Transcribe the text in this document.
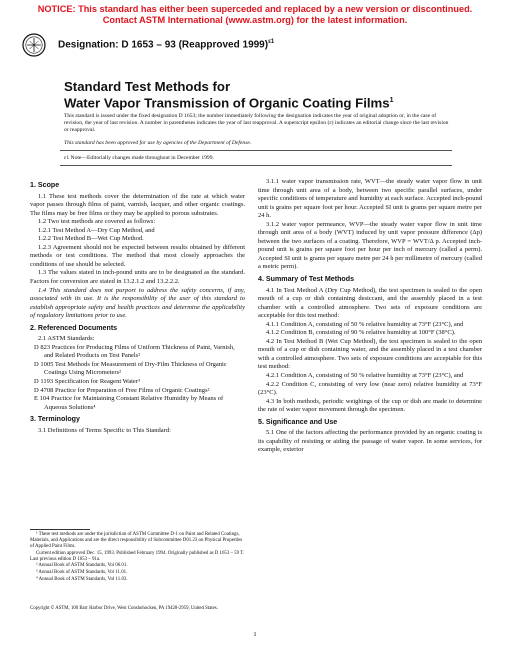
NOTICE: This standard has either been superceded and replaced by a new version or discontinued.
Contact ASTM International (www.astm.org) for the latest information.
Designation: D 1653 – 93 (Reapproved 1999)$^{\varepsilon 1}$
Standard Test Methods for
Water Vapor Transmission of Organic Coating Films$^1$
This standard is issued under the fixed designation D 1653; the number immediately following the designation indicates the year of original adoption or, in the case of revision, the year of last revision. A number in parentheses indicates the year of last reapproval. A superscript epsilon (ε) indicates an editorial change since the last revision or reapproval.
This standard has been approved for use by agencies of the Department of Defense.
ε1 Note—Editorially changes made throughout in December 1999.

1. Scope

1.1 These test methods cover the determination of the rate at which water vapor passes through films of paint, varnish, lacquer, and other organic coatings. The films may be free films or they may be applied to porous substrates.

1.2 Two test methods are covered as follows:

1.2.1 Test Method A—Dry Cup Method, and

1.2.2 Test Method B—Wet Cup Method.

1.2.3 Agreement should not be expected between results obtained by different methods or test conditions. The method that most closely approaches the conditions of use should be selected.

1.3 The values stated in inch-pound units are to be designated as the standard. Factors for conversion are stated in 13.2.1.2 and 13.2.2.2.

1.4 This standard does not purport to address the safety concerns, if any, associated with its use. It is the responsibility of the user of this standard to establish appropriate safety and health practices and determine the applicability of regulatory limitations prior to use.

2. Referenced Documents

2.1 ASTM Standards:

D 823 Practices for Producing Films of Uniform Thickness of Paint, Varnish, and Related Products on Test Panels²

D 1005 Test Methods for Measurement of Dry-Film Thickness of Organic Coatings Using Micrometers²

D 1193 Specification for Reagent Water³

D 4708 Practice for Preparation of Free Films of Organic Coatings²

E 104 Practice for Maintaining Constant Relative Humidity by Means of Aqueous Solutions⁴

3. Terminology

3.1 Definitions of Terms Specific to This Standard:

¹ These test methods are under the jurisdiction of ASTM Committee D-1 on Paint and Related Coatings, Materials, and Applications and are the direct responsibility of Subcommittee D01.23 on Physical Properties of Applied Paint Films.

Current edition approved Dec. 15, 1993. Published February 1994. Originally published as D 1653 – 59 T. Last previous edition D 1653 – 91a.

² Annual Book of ASTM Standards, Vol 06.01.

³ Annual Book of ASTM Standards, Vol 11.01.

⁴ Annual Book of ASTM Standards, Vol 11.03.

3.1.1 water vapor transmission rate, WVT—the steady water vapor flow in unit time through unit area of a body, between two specific parallel surfaces, under specific conditions of temperature and humidity at each surface. Accepted inch-pound unit is grains per square foot per hour. Accepted SI unit is grams per square metre per 24 h.

3.1.2 water vapor permeance, WVP—the steady water vapor flow in unit time through unit area of a body (WVT) induced by unit vapor pressure difference (Δp) between the two surfaces of a coating. Therefore, WVP = WVT/Δ p. Accepted inch-pound unit is grains per square foot per hour per inch of mercury (called a perm). Accepted SI unit is grams per square metre per 24 h per millimetre of mercury (called a metric perm).

4. Summary of Test Methods

4.1 In Test Method A (Dry Cup Method), the test specimen is sealed to the open mouth of a cup or dish containing desiccant, and the assembly placed in a test chamber with a controlled atmosphere. Two sets of exposure conditions are acceptable for this test method:

4.1.1 Condition A, consisting of 50 % relative humidity at 73°F (23°C), and

4.1.2 Condition B, consisting of 90 % relative humidity at 100°F (38°C).

4.2 In Test Method B (Wet Cup Method), the test specimen is sealed to the open mouth of a cup or dish containing water, and the assembly placed in a test chamber with a controlled atmosphere. Two sets of exposure conditions are acceptable for this test method:

4.2.1 Condition A, consisting of 50 % relative humidity at 73°F (23°C), and

4.2.2 Condition C, consisting of very low (near zero) relative humidity at 73°F (23°C).

4.3 In both methods, periodic weighings of the cup or dish are made to determine the rate of water vapor movement through the specimen.

5. Significance and Use

5.1 One of the factors affecting the performance provided by an organic coating is its capability of resisting or aiding the passage of water vapor. In some services, for example, exterior

Copyright © ASTM, 100 Barr Harbor Drive, West Conshohocken, PA 19428-2959, United States.
1
